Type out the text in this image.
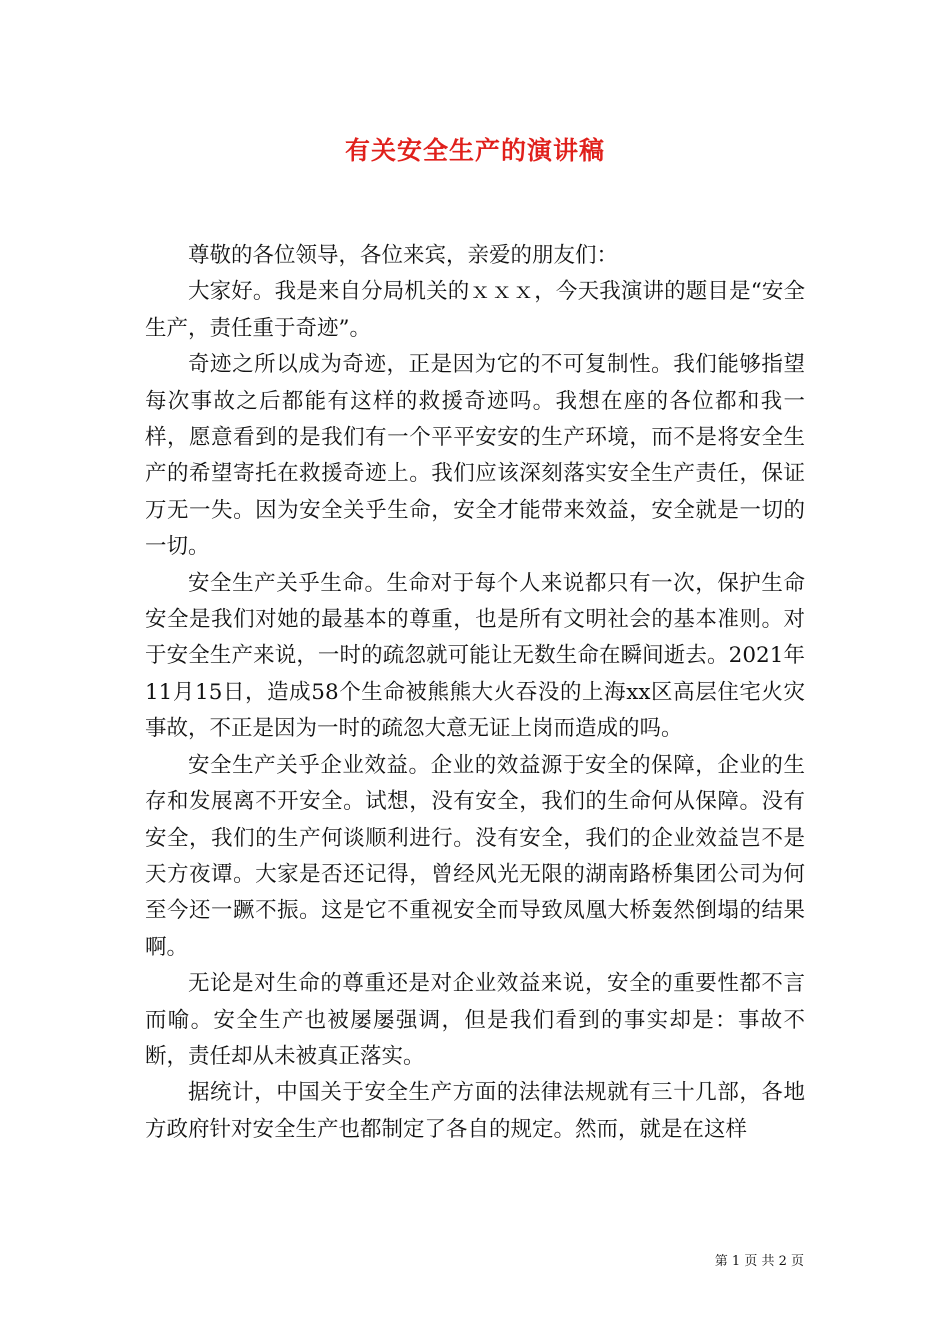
有关安全生产的演讲稿

尊敬的各位领导，各位来宾，亲爱的朋友们：

大家好。我是来自分局机关的ｘｘｘ，今天我演讲的题目是“安全生产，责任重于奇迹”。

奇迹之所以成为奇迹，正是因为它的不可复制性。我们能够指望每次事故之后都能有这样的救援奇迹吗。我想在座的各位都和我一样，愿意看到的是我们有一个平平安安的生产环境，而不是将安全生产的希望寄托在救援奇迹上。我们应该深刻落实安全生产责任，保证万无一失。因为安全关乎生命，安全才能带来效益，安全就是一切的一切。

安全生产关乎生命。生命对于每个人来说都只有一次，保护生命安全是我们对她的最基本的尊重，也是所有文明社会的基本准则。对于安全生产来说，一时的疏忽就可能让无数生命在瞬间逝去。2021年11月15日，造成58个生命被熊熊大火吞没的上海xx区高层住宅火灾事故，不正是因为一时的疏忽大意无证上岗而造成的吗。

安全生产关乎企业效益。企业的效益源于安全的保障，企业的生存和发展离不开安全。试想，没有安全，我们的生命何从保障。没有安全，我们的生产何谈顺利进行。没有安全，我们的企业效益岂不是天方夜谭。大家是否还记得，曾经风光无限的湖南路桥集团公司为何至今还一蹶不振。这是它不重视安全而导致凤凰大桥轰然倒塌的结果啊。

无论是对生命的尊重还是对企业效益来说，安全的重要性都不言而喻。安全生产也被屡屡强调，但是我们看到的事实却是：事故不断，责任却从未被真正落实。

据统计，中国关于安全生产方面的法律法规就有三十几部，各地方政府针对安全生产也都制定了各自的规定。然而，就是在这样

第 1 页 共 2 页
